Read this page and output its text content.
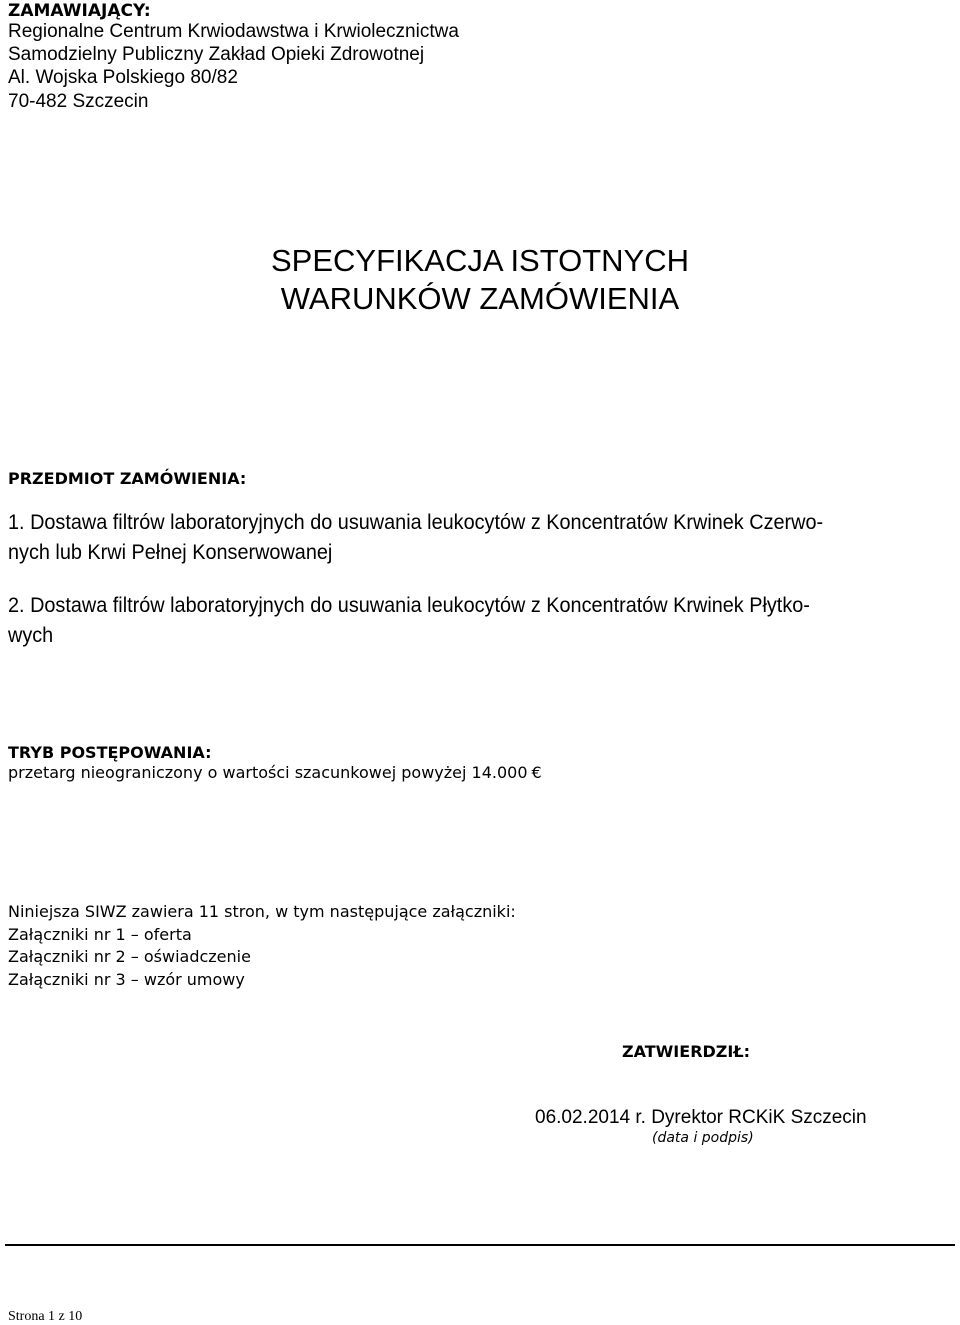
ZAMAWIAJĄCY:
Regionalne Centrum Krwiodawstwa i Krwiolecznictwa
Samodzielny Publiczny Zakład Opieki Zdrowotnej
Al. Wojska Polskiego 80/82
70-482 Szczecin
SPECYFIKACJA ISTOTNYCH
WARUNKÓW ZAMÓWIENIA
PRZEDMIOT ZAMÓWIENIA:
1. Dostawa filtrów laboratoryjnych do usuwania leukocytów z Koncentratów Krwinek Czerwo-
nych lub Krwi Pełnej Konserwowanej
2. Dostawa filtrów laboratoryjnych do usuwania leukocytów z Koncentratów Krwinek Płytko-
wych
TRYB POSTĘPOWANIA:
przetarg nieograniczony o wartości szacunkowej powyżej 14.000 €
Niniejsza SIWZ zawiera 11 stron, w tym następujące załączniki:
Załączniki nr 1 – oferta
Załączniki nr 2 – oświadczenie
Załączniki nr 3 – wzór umowy
ZATWIERDZIŁ:
06.02.2014 r. Dyrektor RCKiK Szczecin
(data i podpis)
Strona 1 z 10
